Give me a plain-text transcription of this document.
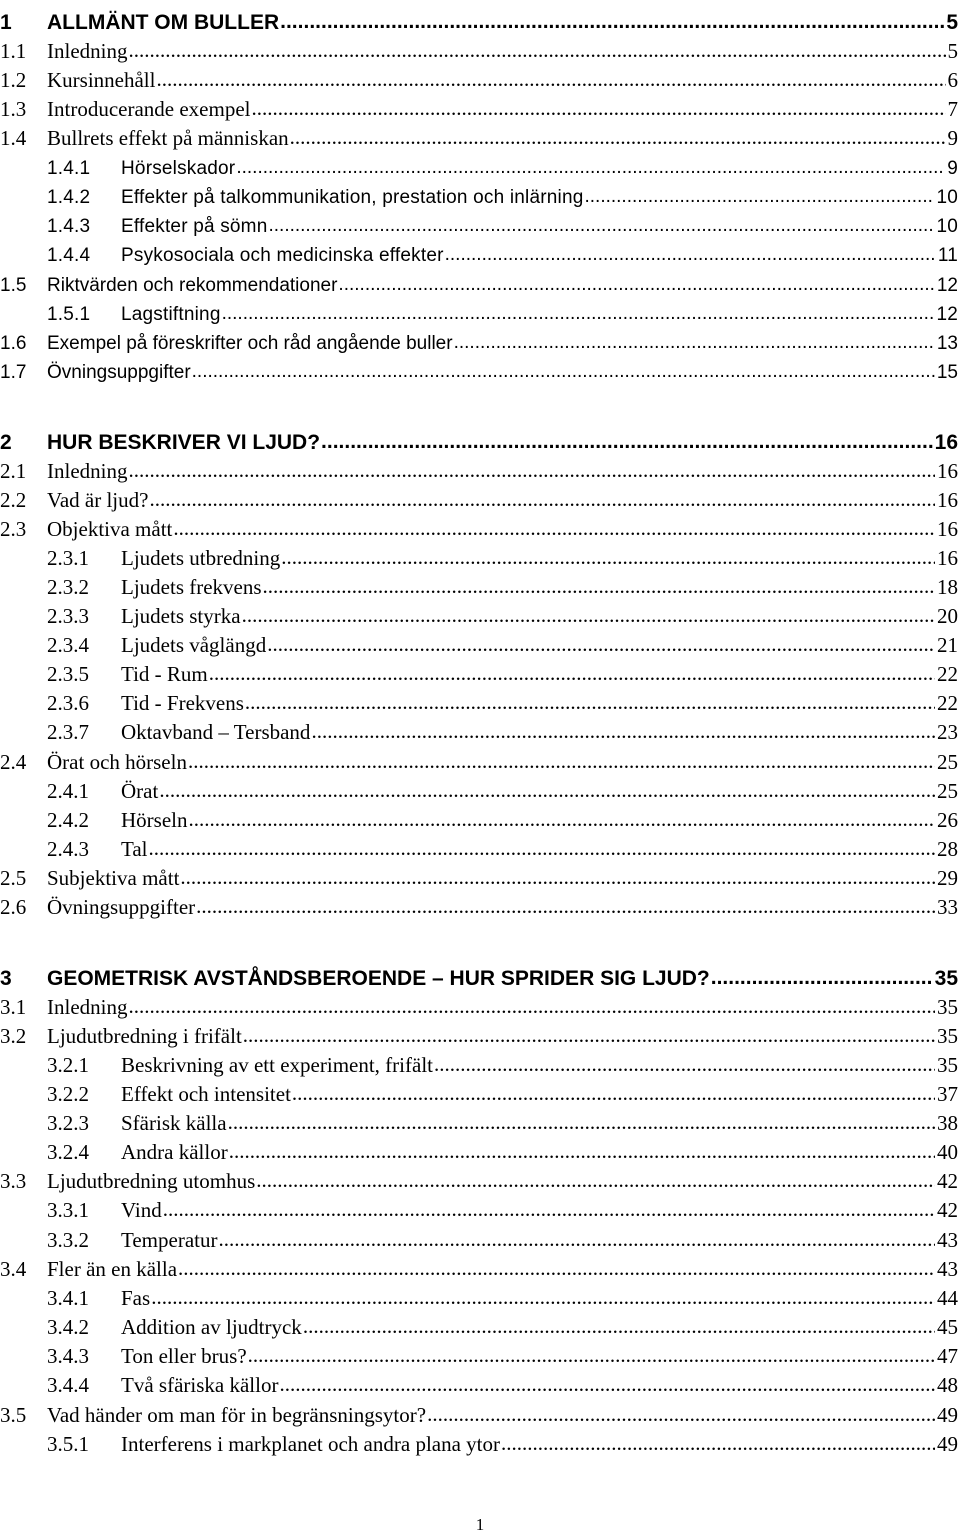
1	ALLMÄNT OM BULLER .....	5
1.1 Inledning .....	5
1.2 Kursinnehåll .....	6
1.3 Introducerande exempel .....	7
1.4 Bullrets effekt på människan .....	9
1.4.1	Hörselskador .....	9
1.4.2	Effekter på talkommunikation, prestation och inlärning .....	10
1.4.3	Effekter på sömn .....	10
1.4.4	Psykosociala och medicinska effekter .....	11
1.5	Riktvärden och rekommendationer .....	12
1.5.1	Lagstiftning .....	12
1.6	Exempel på föreskrifter och råd angående buller .....	13
1.7	Övningsuppgifter .....	15
2	HUR BESKRIVER VI LJUD? .....	16
2.1 Inledning .....	16
2.2 Vad är ljud? .....	16
2.3 Objektiva mått .....	16
2.3.1	Ljudets utbredning .....	16
2.3.2	Ljudets frekvens .....	18
2.3.3	Ljudets styrka .....	20
2.3.4	Ljudets våglängd .....	21
2.3.5	Tid - Rum .....	22
2.3.6	Tid - Frekvens .....	22
2.3.7	Oktavband – Tersband .....	23
2.4 Örat och hörseln .....	25
2.4.1	Örat .....	25
2.4.2	Hörseln .....	26
2.4.3	Tal .....	28
2.5 Subjektiva mått .....	29
2.6 Övningsuppgifter .....	33
3	GEOMETRISK AVSTÅNDSBEROENDE – HUR SPRIDER SIG LJUD? .....	35
3.1 Inledning .....	35
3.2 Ljudutbredning i frifält .....	35
3.2.1	Beskrivning av ett experiment, frifält .....	35
3.2.2	Effekt och intensitet .....	37
3.2.3	Sfärisk källa .....	38
3.2.4	Andra källor .....	40
3.3 Ljudutbredning utomhus .....	42
3.3.1	Vind .....	42
3.3.2	Temperatur .....	43
3.4 Fler än en källa .....	43
3.4.1	Fas .....	44
3.4.2	Addition av ljudtryck .....	45
3.4.3	Ton eller brus? .....	47
3.4.4	Två sfäriska källor .....	48
3.5 Vad händer om man för in begränsningsytor? .....	49
3.5.1	Interferens i markplanet och andra plana ytor .....	49
1
